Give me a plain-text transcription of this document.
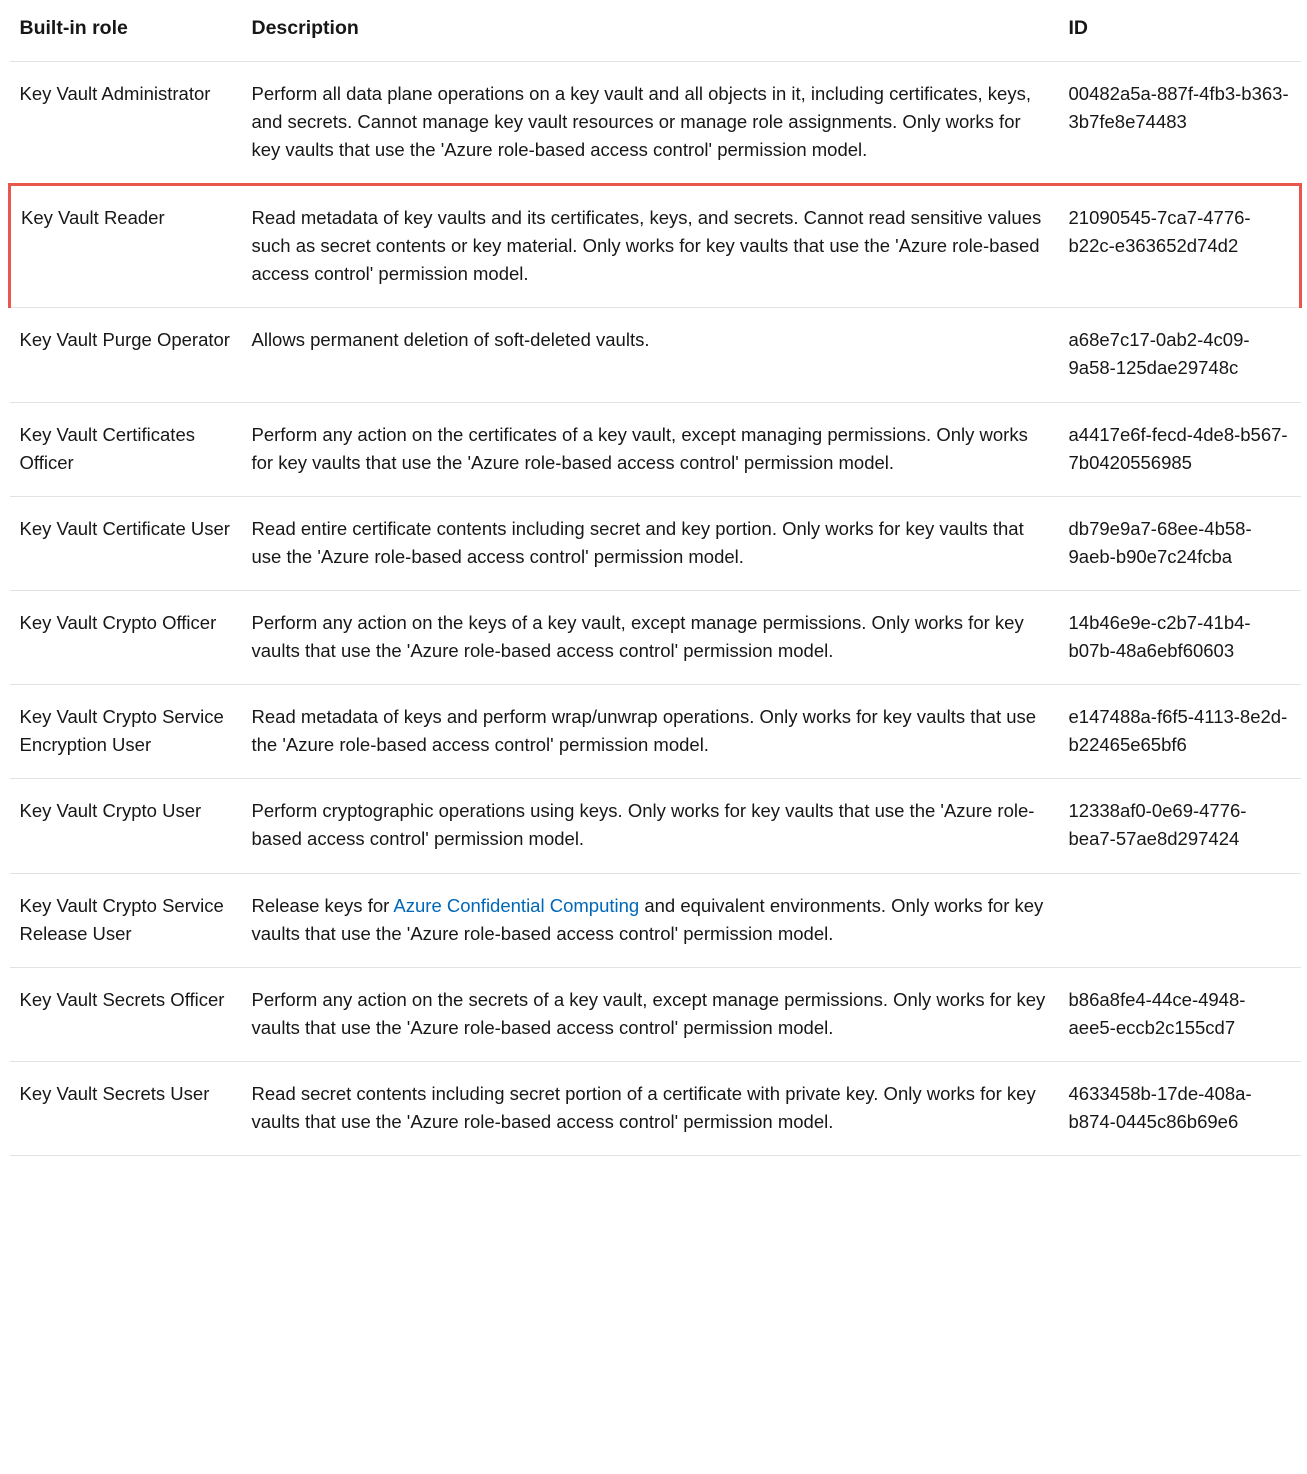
Built-in role	Description	ID
Key Vault Administrator	Perform all data plane operations on a key vault and all objects in it, including certificates, keys, and secrets. Cannot manage key vault resources or manage role assignments. Only works for key vaults that use the 'Azure role-based access control' permission model.	00482a5a-887f-4fb3-b363-3b7fe8e74483
Key Vault Reader	Read metadata of key vaults and its certificates, keys, and secrets. Cannot read sensitive values such as secret contents or key material. Only works for key vaults that use the 'Azure role-based access control' permission model.	21090545-7ca7-4776-b22c-e363652d74d2
Key Vault Purge Operator	Allows permanent deletion of soft-deleted vaults.	a68e7c17-0ab2-4c09-9a58-125dae29748c
Key Vault Certificates Officer	Perform any action on the certificates of a key vault, except managing permissions. Only works for key vaults that use the 'Azure role-based access control' permission model.	a4417e6f-fecd-4de8-b567-7b0420556985
Key Vault Certificate User	Read entire certificate contents including secret and key portion. Only works for key vaults that use the 'Azure role-based access control' permission model.	db79e9a7-68ee-4b58-9aeb-b90e7c24fcba
Key Vault Crypto Officer	Perform any action on the keys of a key vault, except manage permissions. Only works for key vaults that use the 'Azure role-based access control' permission model.	14b46e9e-c2b7-41b4-b07b-48a6ebf60603
Key Vault Crypto Service Encryption User	Read metadata of keys and perform wrap/unwrap operations. Only works for key vaults that use the 'Azure role-based access control' permission model.	e147488a-f6f5-4113-8e2d-b22465e65bf6
Key Vault Crypto User	Perform cryptographic operations using keys. Only works for key vaults that use the 'Azure role-based access control' permission model.	12338af0-0e69-4776-bea7-57ae8d297424
Key Vault Crypto Service Release User	Release keys for Azure Confidential Computing and equivalent environments. Only works for key vaults that use the 'Azure role-based access control' permission model.	
Key Vault Secrets Officer	Perform any action on the secrets of a key vault, except manage permissions. Only works for key vaults that use the 'Azure role-based access control' permission model.	b86a8fe4-44ce-4948-aee5-eccb2c155cd7
Key Vault Secrets User	Read secret contents including secret portion of a certificate with private key. Only works for key vaults that use the 'Azure role-based access control' permission model.	4633458b-17de-408a-b874-0445c86b69e6
